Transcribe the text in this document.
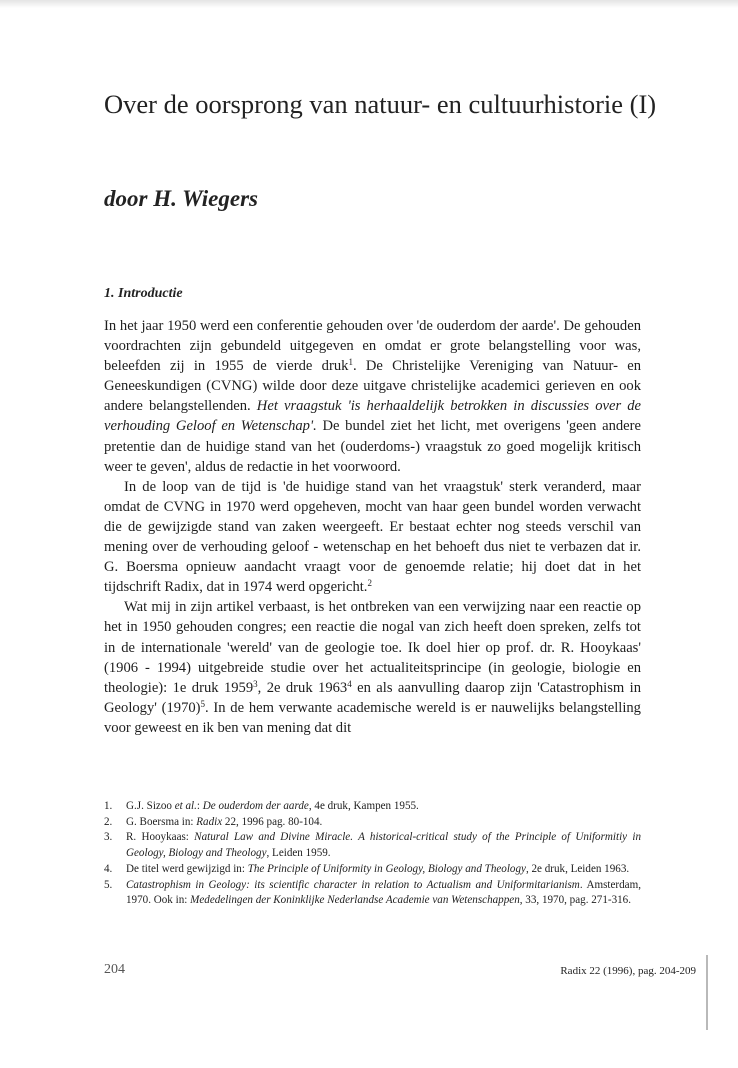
Over de oorsprong van natuur- en cultuurhistorie (I)
door H. Wiegers
1. Introductie

In het jaar 1950 werd een conferentie gehouden over 'de ouderdom der aarde'. De gehouden voordrachten zijn gebundeld uitgegeven en omdat er grote belangstelling voor was, beleefden zij in 1955 de vierde druk$^1$. De Christelijke Vereniging van Natuur- en Geneeskundigen (CVNG) wilde door deze uitgave christelijke academici gerieven en ook andere belangstellenden. Het vraagstuk 'is herhaaldelijk betrokken in discussies over de verhouding Geloof en Wetenschap'. De bundel ziet het licht, met overigens 'geen andere pretentie dan de huidige stand van het (ouderdoms-) vraagstuk zo goed mogelijk kritisch weer te geven', aldus de redactie in het voorwoord.

In de loop van de tijd is 'de huidige stand van het vraagstuk' sterk veranderd, maar omdat de CVNG in 1970 werd opgeheven, mocht van haar geen bundel worden verwacht die de gewijzigde stand van zaken weergeeft. Er bestaat echter nog steeds verschil van mening over de verhouding geloof - wetenschap en het behoeft dus niet te verbazen dat ir. G. Boersma opnieuw aandacht vraagt voor de genoemde relatie; hij doet dat in het tijdschrift Radix, dat in 1974 werd opgericht.$^2$

Wat mij in zijn artikel verbaast, is het ontbreken van een verwijzing naar een reactie op het in 1950 gehouden congres; een reactie die nogal van zich heeft doen spreken, zelfs tot in de internationale 'wereld' van de geologie toe. Ik doel hier op prof. dr. R. Hooykaas' (1906 - 1994) uitgebreide studie over het actualiteitsprincipe (in geologie, biologie en theologie): 1e druk 1959$^3$, 2e druk 1963$^4$ en als aanvulling daarop zijn 'Catastrophism in Geology' $(1970)^5$. In de hem verwante academische wereld is er nauwelijks belangstelling voor geweest en ik ben van mening dat dit

1. G.J. Sizoo et al.: De ouderdom der aarde, 4e druk, Kampen 1955.
2. G. Boersma in: Radix 22, 1996 pag. 80-104.
3. R. Hooykaas: Natural Law and Divine Miracle. A historical-critical study of the Principle of Uniformitiy in Geology, Biology and Theology, Leiden 1959.
4. De titel werd gewijzigd in: The Principle of Uniformity in Geology, Biology and Theology, 2e druk, Leiden 1963.
5. Catastrophism in Geology: its scientific character in relation to Actualism and Uniformitarianism. Amsterdam, 1970. Ook in: Mededelingen der Koninklijke Nederlandse Academie van Wetenschappen, 33, 1970, pag. 271-316.
204	Radix 22 (1996), pag. 204-209
